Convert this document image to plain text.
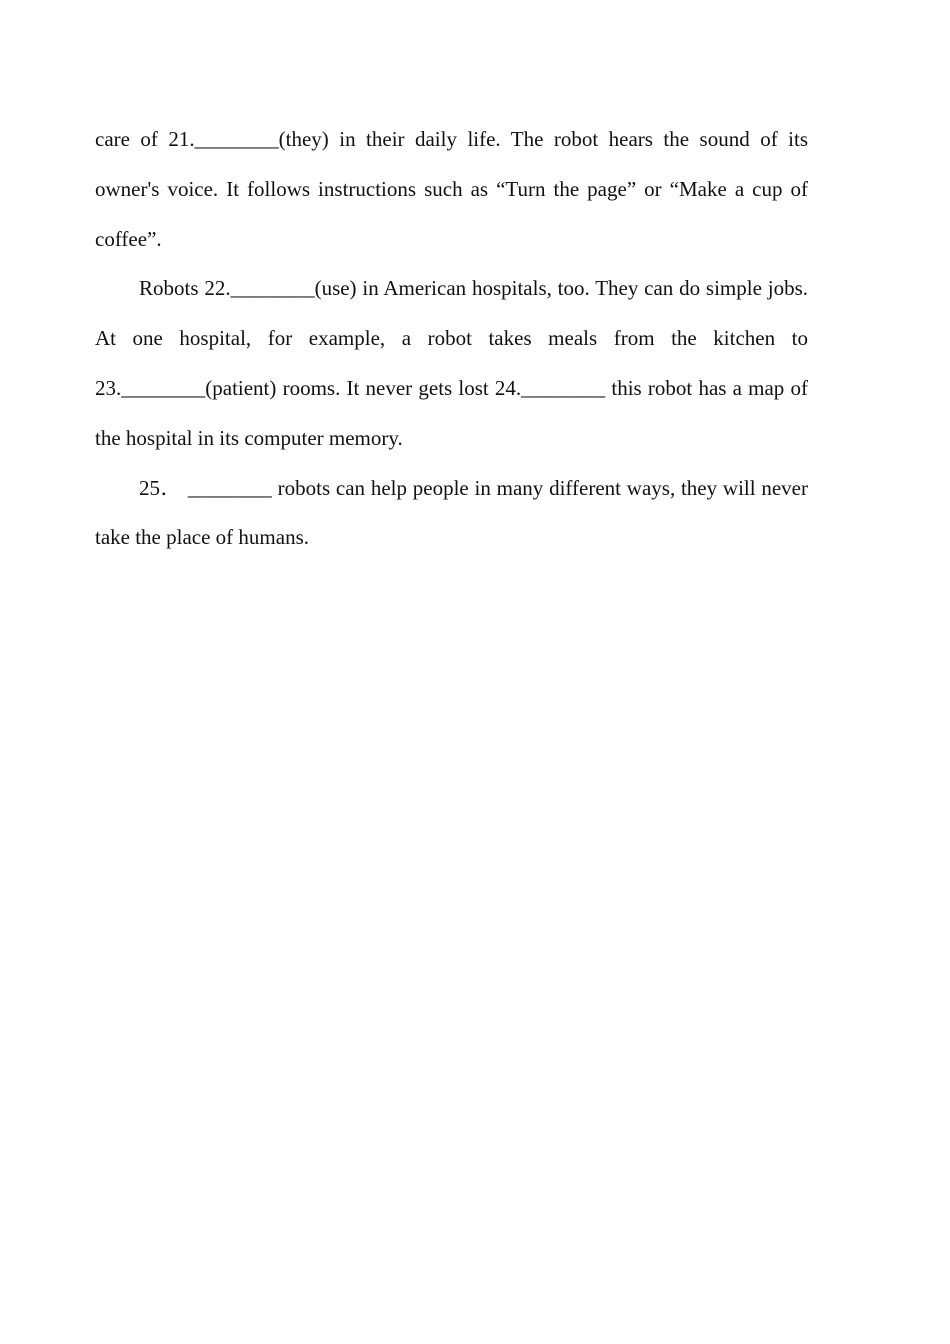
care of 21.________(they) in their daily life. The robot hears the sound of its owner's voice. It follows instructions such as “Turn the page” or “Make a cup of coffee”.

Robots 22.________(use) in American hospitals, too. They can do simple jobs. At one hospital, for example, a robot takes meals from the kitchen to 23.________(patient) rooms. It never gets lost 24.________ this robot has a map of the hospital in its computer memory.

25． ________ robots can help people in many different ways, they will never take the place of humans.
